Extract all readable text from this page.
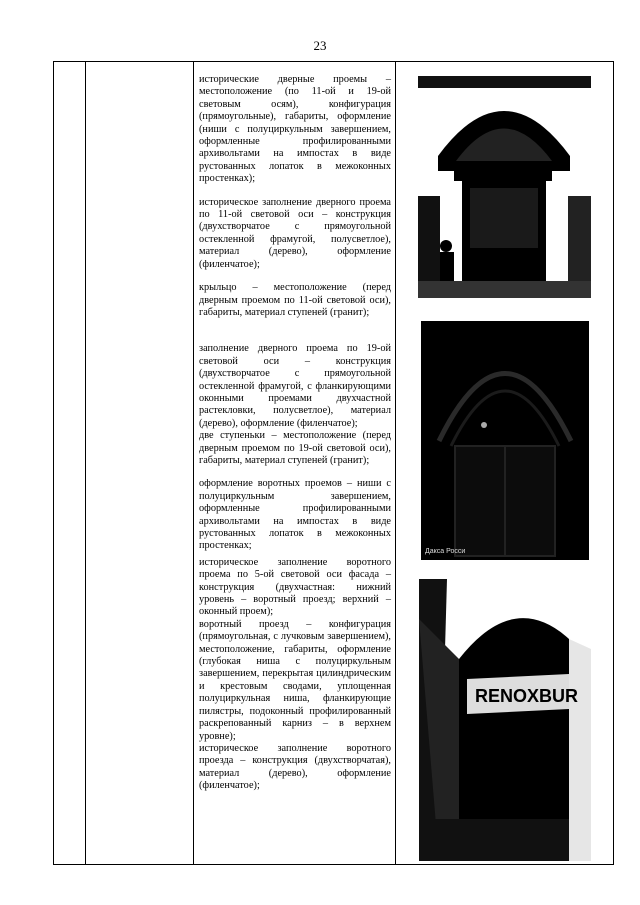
23

исторические дверные проемы – местоположение (по 11-ой и 19-ой световым осям), конфигурация (прямоугольные), габариты, оформление (ниши с полуциркульным завершением, оформленные профилированными архивольтами на импостах в виде рустованных лопаток в межоконных простенках);

историческое заполнение дверного проема по 11-ой световой оси – конструкция (двухстворчатое с прямоугольной остекленной фрамугой, полусветлое), материал (дерево), оформление (филенчатое);

крыльцо – местоположение (перед дверным проемом по 11-ой световой оси), габариты, материал ступеней (гранит);

заполнение дверного проема по 19-ой световой оси – конструкция (двухстворчатое с прямоугольной остекленной фрамугой, с фланкирующими оконными проемами двухчастной растекловки, полусветлое), материал (дерево), оформление (филенчатое);
две ступеньки – местоположение (перед дверным проемом по 19-ой световой оси), габариты, материал ступеней (гранит);

оформление воротных проемов – ниши с полуциркульным завершением, оформленные профилированными архивольтами на импостах в виде рустованных лопаток в межоконных простенках;

историческое заполнение воротного проема по 5-ой световой оси фасада – конструкция (двухчастная: нижний уровень – воротный проезд; верхний – оконный проем);
воротный проезд – конфигурация (прямоугольная, с лучковым завершением), местоположение, габариты, оформление (глубокая ниша с полуциркульным завершением, перекрытая цилиндрическим и крестовым сводами, уплощенная полуциркульная ниша, фланкирующие пилястры, подоконный профилированный раскрепованный карниз – в верхнем уровне);
историческое заполнение воротного проезда – конструкция (двухстворчатая), материал (дерево), оформление (филенчатое);

Дакса Росси
RENOXBUR
